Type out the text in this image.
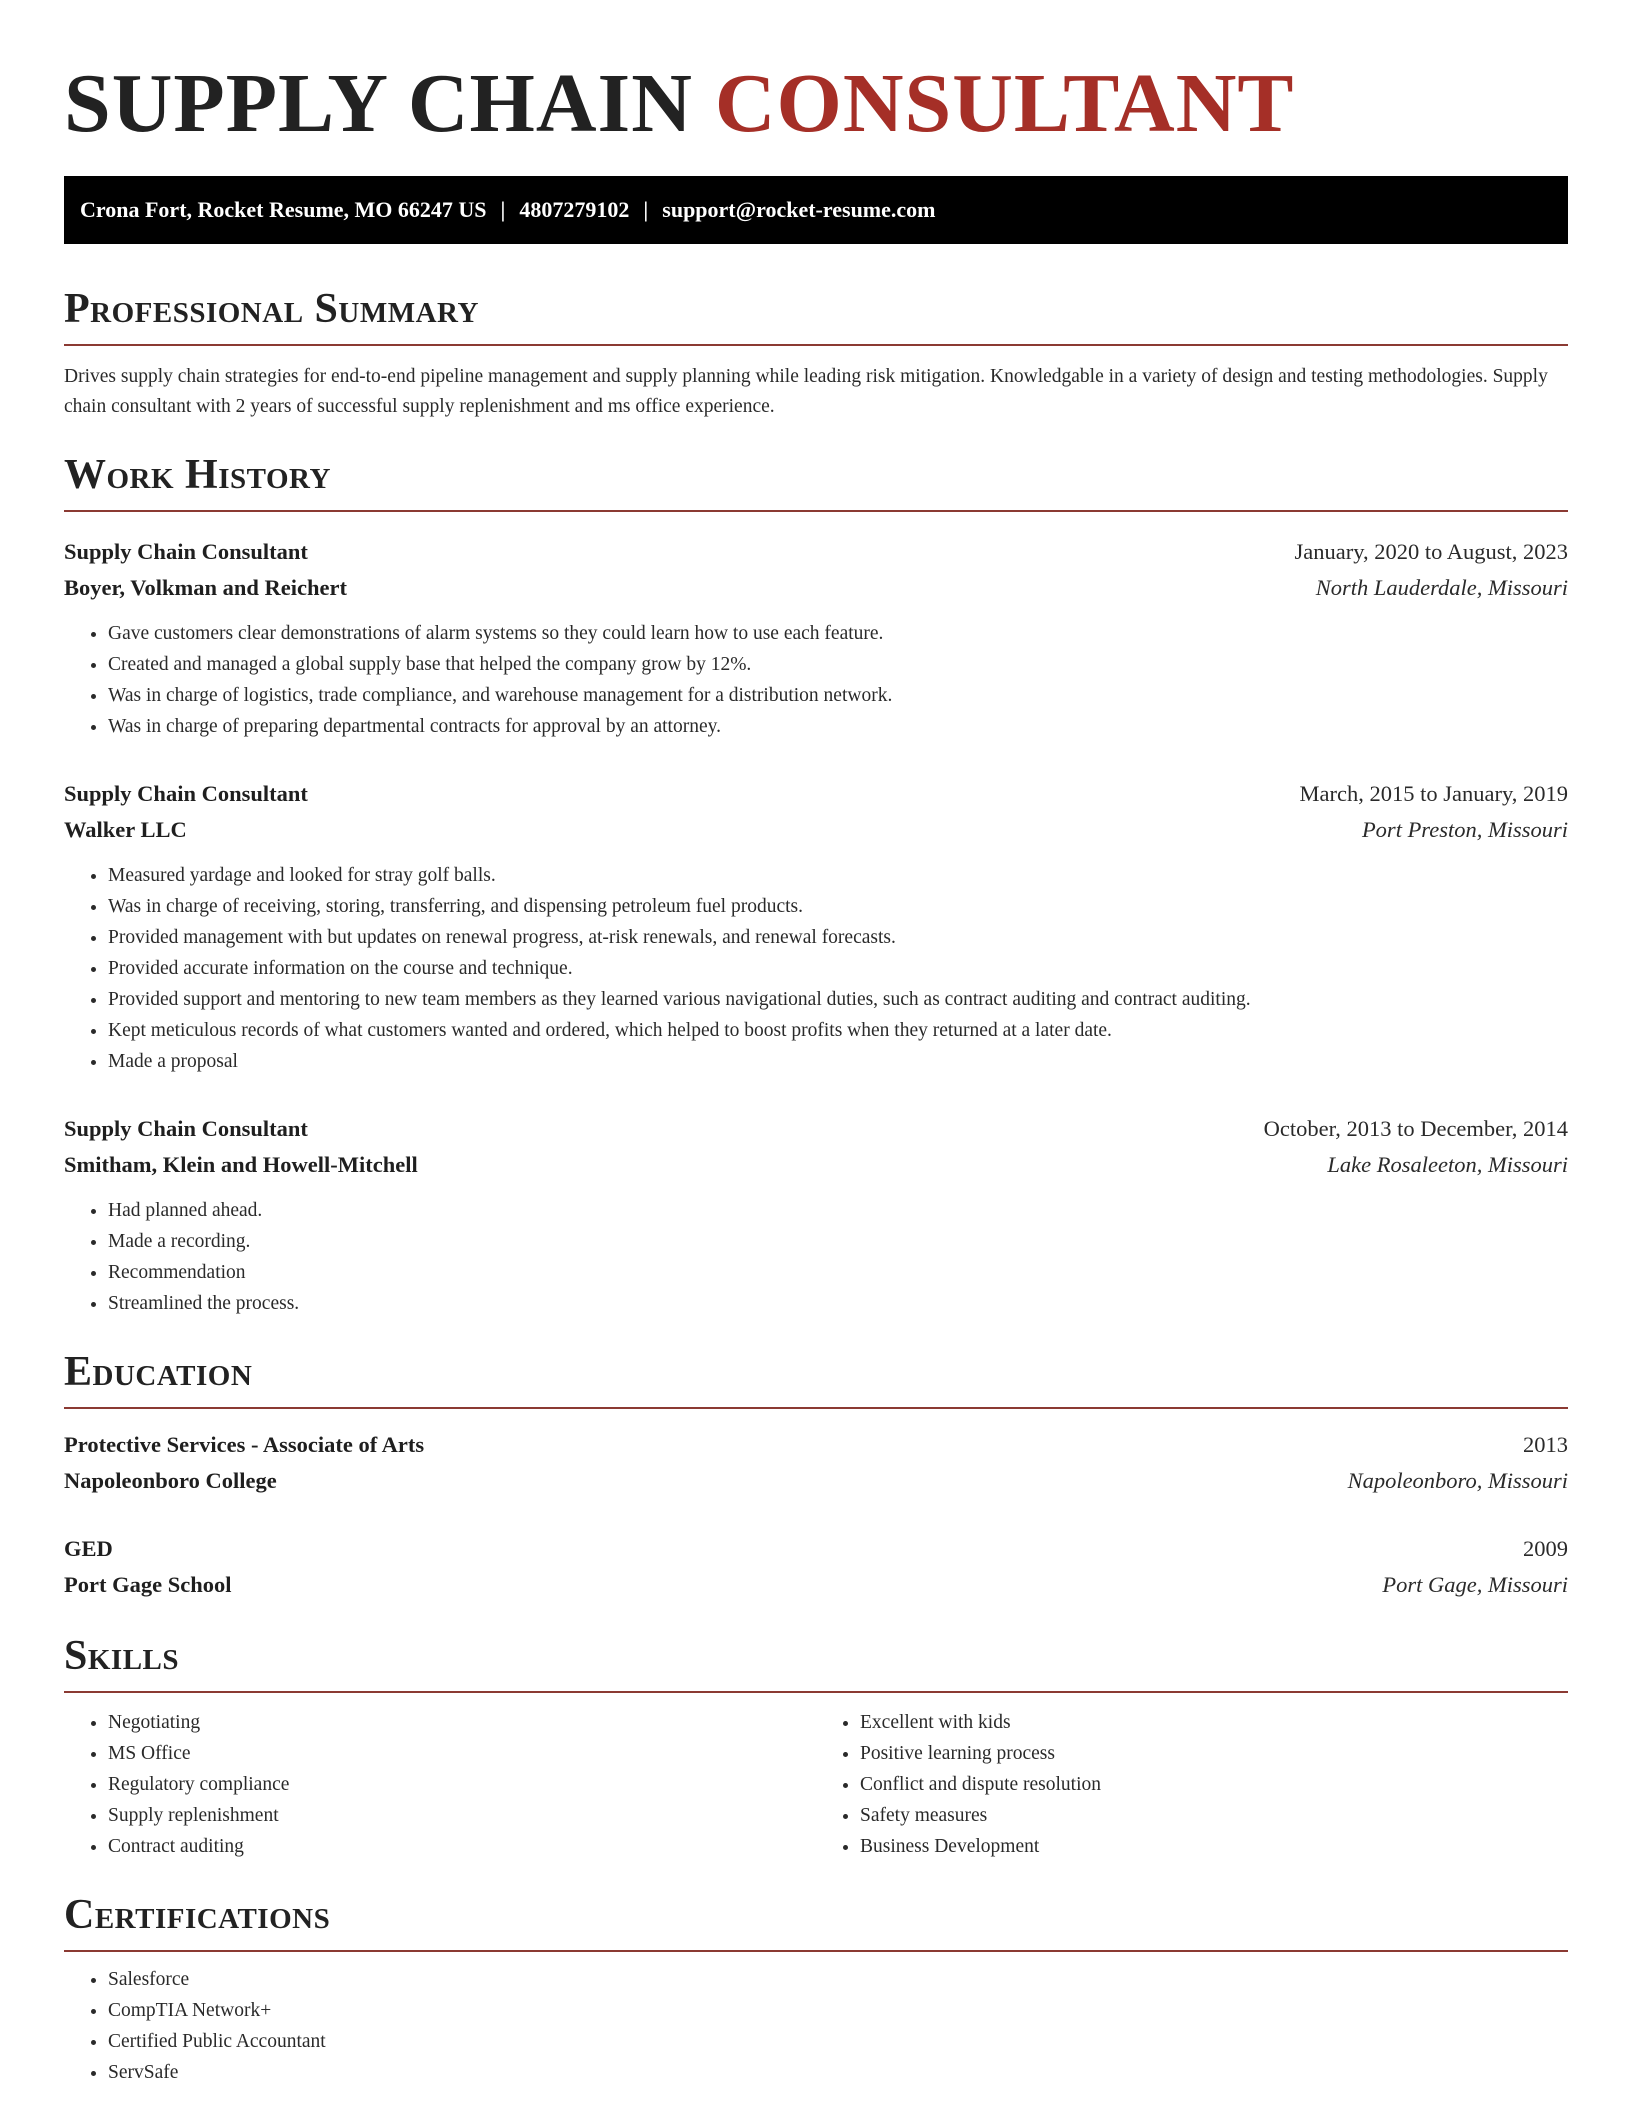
SUPPLY CHAIN CONSULTANT
Crona Fort, Rocket Resume, MO 66247 US | 4807279102 | support@rocket-resume.com
Professional Summary

Drives supply chain strategies for end-to-end pipeline management and supply planning while leading risk mitigation. Knowledgable in a variety of design and testing methodologies. Supply chain consultant with 2 years of successful supply replenishment and ms office experience.

Work History
Supply Chain Consultant	January, 2020 to August, 2023
Boyer, Volkman and Reichert	North Lauderdale, Missouri
• Gave customers clear demonstrations of alarm systems so they could learn how to use each feature.
• Created and managed a global supply base that helped the company grow by 12%.
• Was in charge of logistics, trade compliance, and warehouse management for a distribution network.
• Was in charge of preparing departmental contracts for approval by an attorney.
Supply Chain Consultant	March, 2015 to January, 2019
Walker LLC	Port Preston, Missouri
• Measured yardage and looked for stray golf balls.
• Was in charge of receiving, storing, transferring, and dispensing petroleum fuel products.
• Provided management with but updates on renewal progress, at-risk renewals, and renewal forecasts.
• Provided accurate information on the course and technique.
• Provided support and mentoring to new team members as they learned various navigational duties, such as contract auditing and contract auditing.
• Kept meticulous records of what customers wanted and ordered, which helped to boost profits when they returned at a later date.
• Made a proposal
Supply Chain Consultant	October, 2013 to December, 2014
Smitham, Klein and Howell-Mitchell	Lake Rosaleeton, Missouri
• Had planned ahead.
• Made a recording.
• Recommendation
• Streamlined the process.
Education
Protective Services - Associate of Arts	2013
Napoleonboro College	Napoleonboro, Missouri
GED	2009
Port Gage School	Port Gage, Missouri
Skills
• Negotiating
• MS Office
• Regulatory compliance
• Supply replenishment
• Contract auditing
• Excellent with kids
• Positive learning process
• Conflict and dispute resolution
• Safety measures
• Business Development
Certifications
• Salesforce
• CompTIA Network+
• Certified Public Accountant
• ServSafe
